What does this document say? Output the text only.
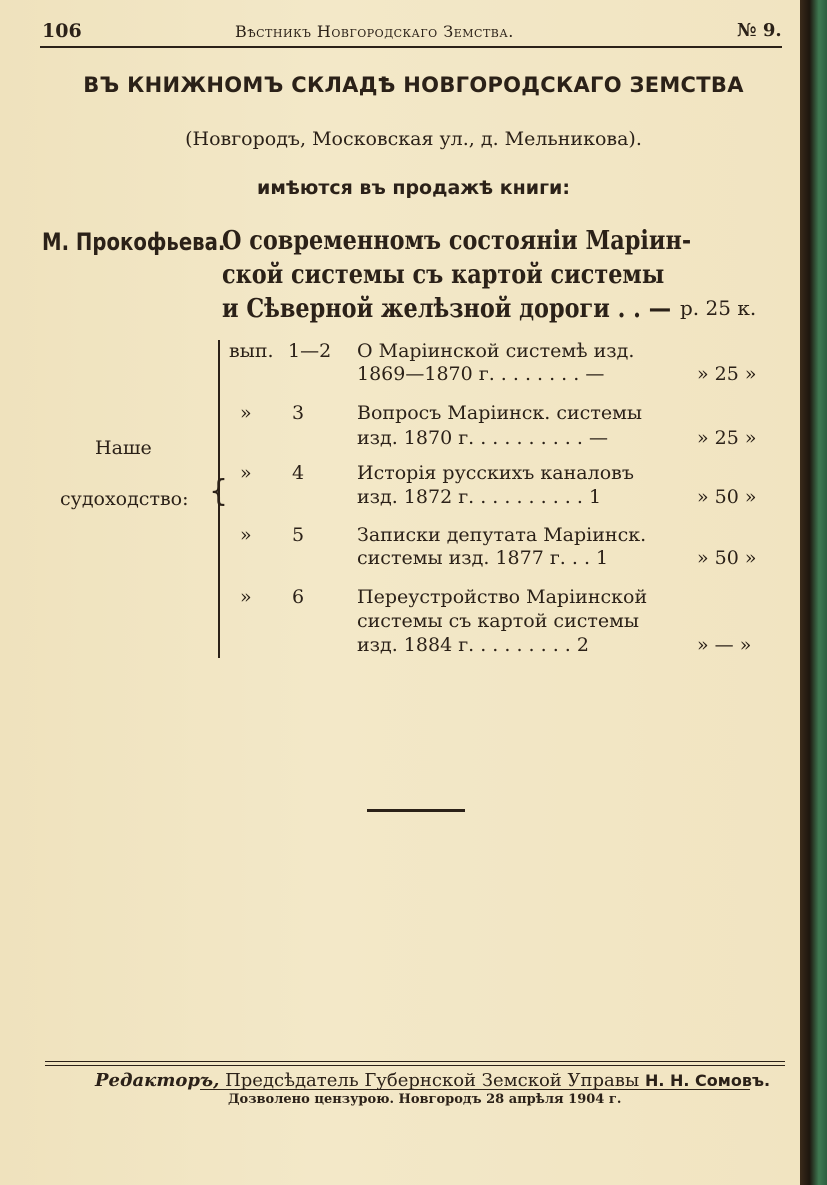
106	Вѣстникъ Новгородскаго Земства.	№ 9.
ВЪ КНИЖНОМЪ СКЛАДѢ НОВГОРОДСКАГО ЗЕМСТВА
(Новгородъ, Московская ул., д. Мельникова).
имѣются въ продажѣ книги:
М. Прокофьева.
О современномъ состоянiи Марiин-
ской системы съ картой системы
и Сѣверной желѣзной дороги . . — р. 25 к.
Наше
судоходство: {
вып. 1—2 О Марiинской системѣ изд.
1869—1870 г. . . . . . . . —	» 25 »
» 3	Вопросъ Марiинск. системы
изд. 1870 г. . . . . . . . . . —	» 25 »
» 4	Исторiя русскихъ каналовъ
изд. 1872 г. . . . . . . . . . 1	» 50 »
» 5	Записки депутата Марiинск.
системы изд. 1877 г. . . 1	» 50 »
» 6	Переустройство Марiинской
системы съ картой системы
изд. 1884 г. . . . . . . . . 2	» — »
Редакторъ, Предсѣдатель Губернской Земской Управы Н. Н. Сомовъ.
Дозволено цензурою. Новгородъ 28 апрѣля 1904 г.
